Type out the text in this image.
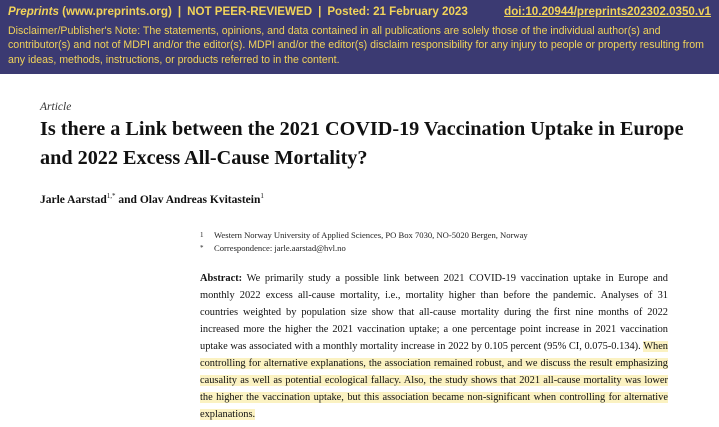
Preprints (www.preprints.org) | NOT PEER-REVIEWED | Posted: 21 February 2023	doi:10.20944/preprints202302.0350.v1
Disclaimer/Publisher's Note: The statements, opinions, and data contained in all publications are solely those of the individual author(s) and contributor(s) and not of MDPI and/or the editor(s). MDPI and/or the editor(s) disclaim responsibility for any injury to people or property resulting from any ideas, methods, instructions, or products referred to in the content.
Article
Is there a Link between the 2021 COVID-19 Vaccination Uptake in Europe and 2022 Excess All-Cause Mortality?
Jarle Aarstad$^{1,*}$ and Olav Andreas Kvitastein$^1$
1	Western Norway University of Applied Sciences, PO Box 7030, NO-5020 Bergen, Norway
*	Correspondence: jarle.aarstad@hvl.no

Abstract: We primarily study a possible link between 2021 COVID-19 vaccination uptake in Europe and monthly 2022 excess all-cause mortality, i.e., mortality higher than before the pandemic. Analyses of 31 countries weighted by population size show that all-cause mortality during the first nine months of 2022 increased more the higher the 2021 vaccination uptake; a one percentage point increase in 2021 vaccination uptake was associated with a monthly mortality increase in 2022 by 0.105 percent (95% CI, 0.075-0.134). When controlling for alternative explanations, the association remained robust, and we discuss the result emphasizing causality as well as potential ecological fallacy. Also, the study shows that 2021 all-cause mortality was lower the higher the vaccination uptake, but this association became non-significant when controlling for alternative explanations.
